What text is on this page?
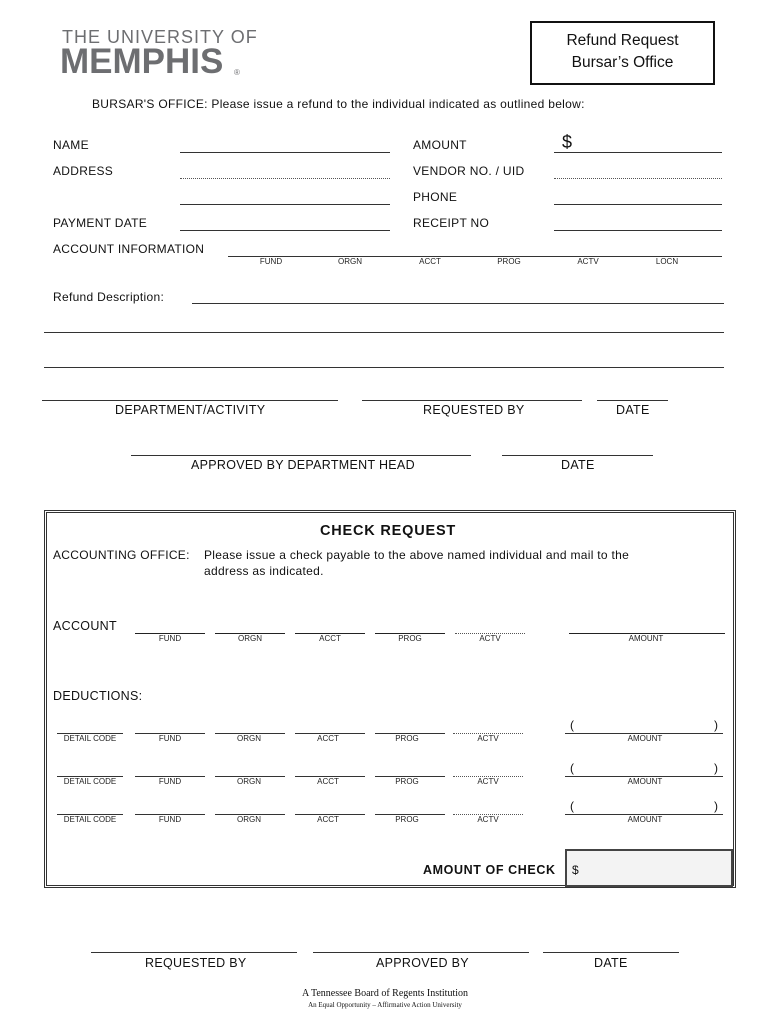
THE UNIVERSITY OF
MEMPHIS ®
Refund Request
Bursar’s Office
BURSAR'S OFFICE: Please issue a refund to the individual indicated as outlined below:
NAME
ADDRESS
PAYMENT DATE
AMOUNT	$
VENDOR NO. / UID
PHONE
RECEIPT NO
ACCOUNT INFORMATION
FUND	ORGN	ACCT	PROG	ACTV	LOCN
Refund Description:
DEPARTMENT/ACTIVITY	REQUESTED BY	DATE
APPROVED BY DEPARTMENT HEAD	DATE
CHECK REQUEST
ACCOUNTING OFFICE: Please issue a check payable to the above named individual and mail to the
address as indicated.
ACCOUNT
FUND	ORGN	ACCT	PROG	ACTV	AMOUNT
DEDUCTIONS:
(	)
DETAIL CODE	FUND	ORGN	ACCT	PROG	ACTV	AMOUNT
(	)
DETAIL CODE	FUND	ORGN	ACCT	PROG	ACTV	AMOUNT
(	)
DETAIL CODE	FUND	ORGN	ACCT	PROG	ACTV	AMOUNT
AMOUNT OF CHECK $
REQUESTED BY	APPROVED BY	DATE
A Tennessee Board of Regents Institution
An Equal Opportunity – Affirmative Action University
